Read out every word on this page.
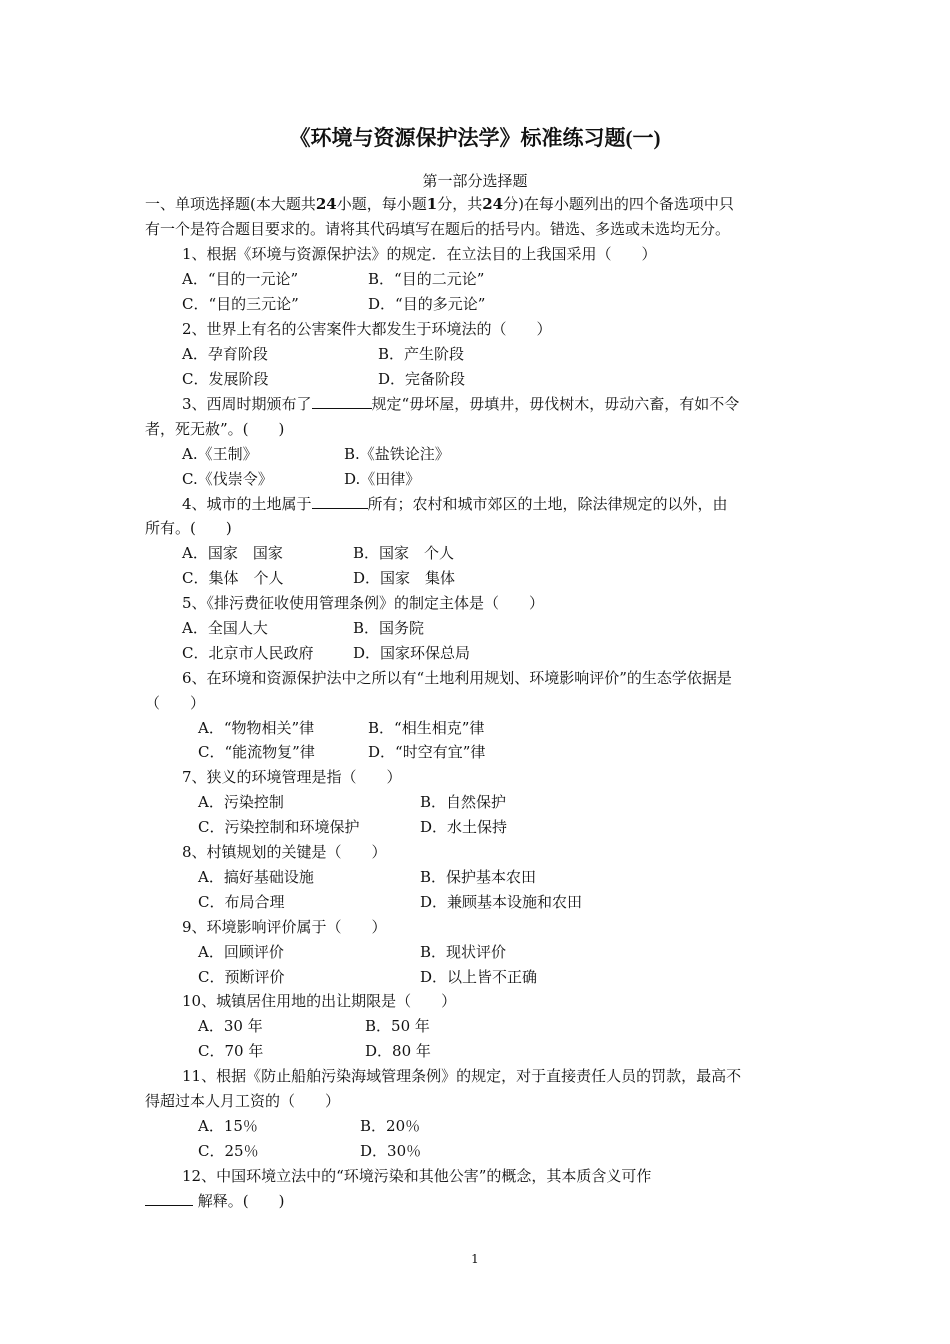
《环境与资源保护法学》标准练习题(一)
第一部分选择题
一、单项选择题(本大题共24小题，每小题1分，共24分)在每小题列出的四个备选项中只
有一个是符合题目要求的。请将其代码填写在题后的括号内。错选、多选或未选均无分。
1、根据《环境与资源保护法》的规定．在立法目的上我国采用（　　）
A．“目的一元论”	B．“目的二元论”
C．“目的三元论”	D．“目的多元论”
2、世界上有名的公害案件大都发生于环境法的（　　）
A．孕育阶段	B．产生阶段
C．发展阶段	D．完备阶段
3、西周时期颁布了	规定“毋坏屋，毋填井，毋伐树木，毋动六畜，有如不令
者，死无赦”。(　　)
A.《王制》	B.《盐铁论注》
C.《伐崇令》	D.《田律》
4、城市的土地属于	所有；农村和城市郊区的土地，除法律规定的以外，由
所有。(　　)
A．国家　国家	B．国家　个人
C．集体　个人	D．国家　集体
5、《排污费征收使用管理条例》的制定主体是（　　）
A．全国人大	B．国务院
C．北京市人民政府	D．国家环保总局
6、在环境和资源保护法中之所以有“土地利用规划、环境影响评价”的生态学依据是
（　　）
A．“物物相关”律	B．“相生相克”律
C．“能流物复”律	D．“时空有宜”律
7、狭义的环境管理是指（　　）
A．污染控制	B．自然保护
C．污染控制和环境保护	D．水土保持
8、村镇规划的关键是（　　）
A．搞好基础设施	B．保护基本农田
C．布局合理	D．兼顾基本设施和农田
9、环境影响评价属于（　　）
A．回顾评价	B．现状评价
C．预断评价	D．以上皆不正确
10、城镇居住用地的出让期限是（　　）
A．30 年	B．50 年
C．70 年	D．80 年
11、根据《防止船舶污染海域管理条例》的规定，对于直接责任人员的罚款，最高不
得超过本人月工资的（　　）
A．15％	B．20％
C．25％	D．30％
12、中国环境立法中的“环境污染和其他公害”的概念，其本质含义可作
解释。(　　)
1
